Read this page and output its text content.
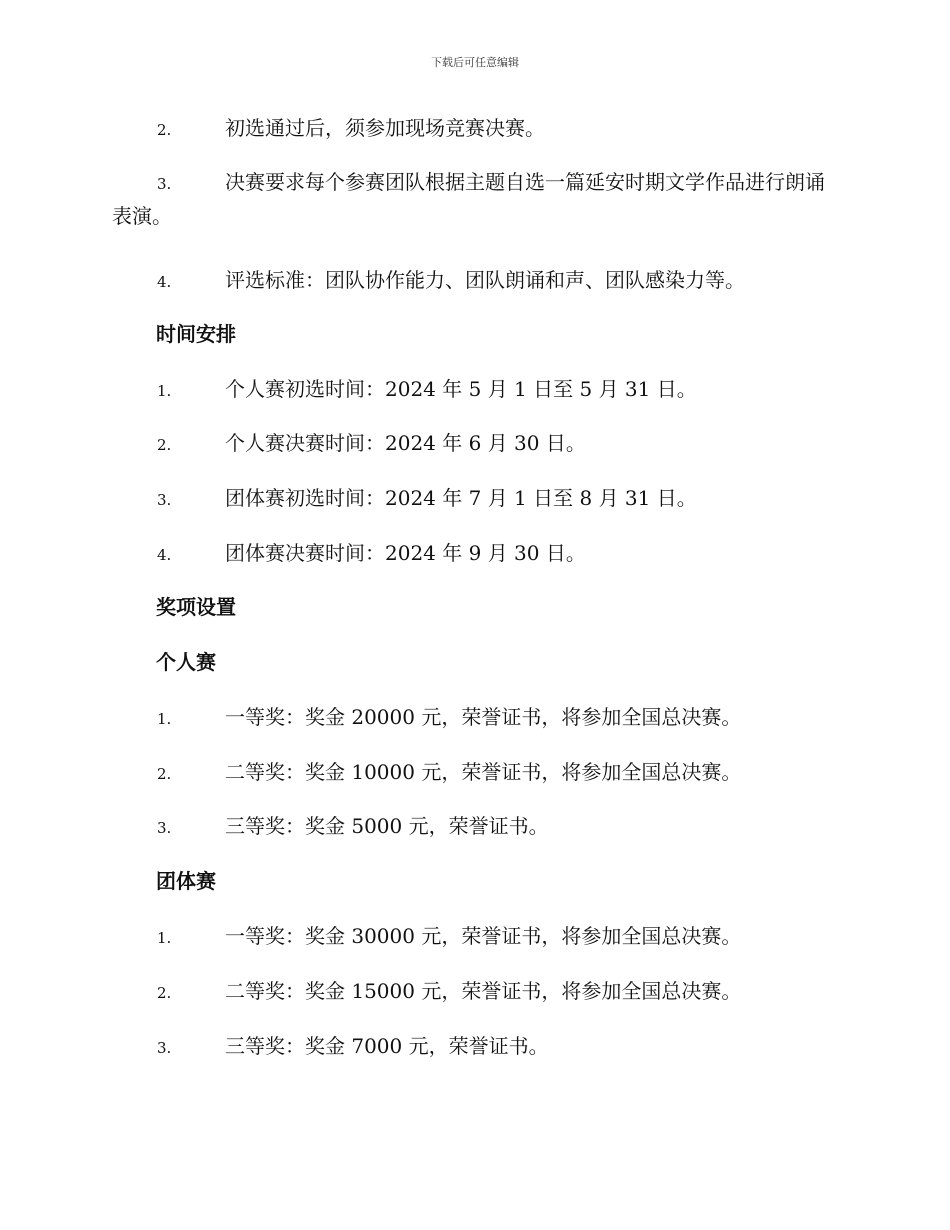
下载后可任意编辑

2.	初选通过后，须参加现场竞赛决赛。

3.	决赛要求每个参赛团队根据主题自选一篇延安时期文学作品进行朗诵表演。

4.	评选标准：团队协作能力、团队朗诵和声、团队感染力等。

时间安排

1.	个人赛初选时间：2024 年 5 月 1 日至 5 月 31 日。

2.	个人赛决赛时间：2024 年 6 月 30 日。

3.	团体赛初选时间：2024 年 7 月 1 日至 8 月 31 日。

4.	团体赛决赛时间：2024 年 9 月 30 日。

奖项设置
个人赛

1.	一等奖：奖金 20000 元，荣誉证书，将参加全国总决赛。

2.	二等奖：奖金 10000 元，荣誉证书，将参加全国总决赛。

3.	三等奖：奖金 5000 元，荣誉证书。

团体赛

1.	一等奖：奖金 30000 元，荣誉证书，将参加全国总决赛。

2.	二等奖：奖金 15000 元，荣誉证书，将参加全国总决赛。

3.	三等奖：奖金 7000 元，荣誉证书。
